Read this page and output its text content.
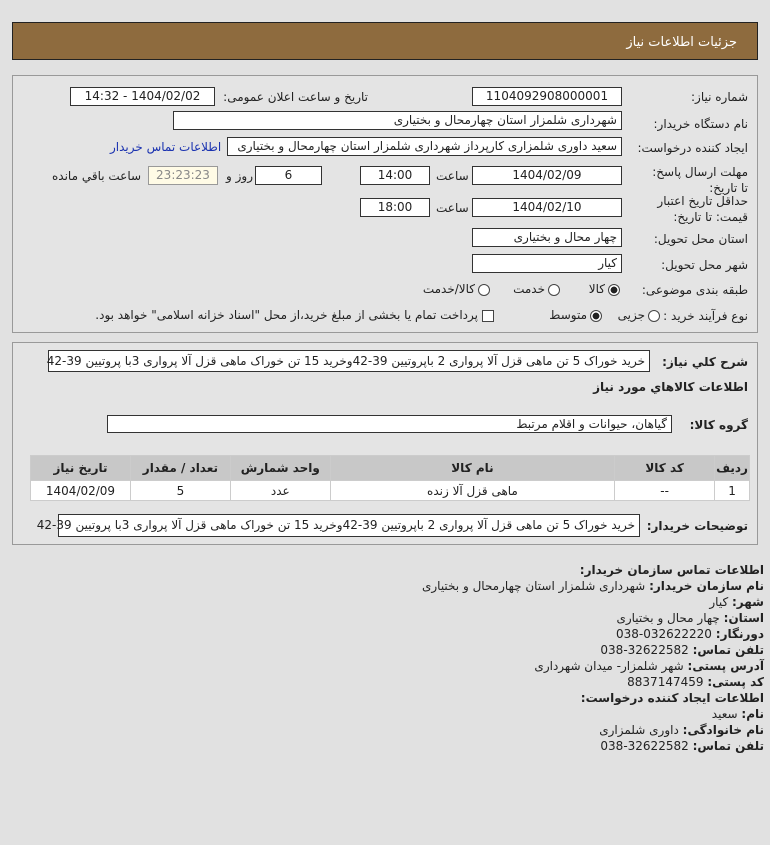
جزئیات اطلاعات نیاز
شماره نیاز:
1104092908000001
تاریخ و ساعت اعلان عمومی:
1404/02/02 - 14:32
نام دستگاه خریدار:
شهرداری شلمزار استان چهارمحال و بختیاری
ایجاد کننده درخواست:
سعید داوری شلمزاری کارپرداز شهرداری شلمزار استان چهارمحال و بختیاری
اطلاعات تماس خریدار
مهلت ارسال پاسخ: تا تاریخ:
1404/02/09
ساعت
14:00
6
روز و
23:23:23
ساعت باقي مانده
حداقل تاریخ اعتبار قیمت: تا تاریخ:
1404/02/10
ساعت
18:00
استان محل تحویل:
چهار محال و بختیاری
شهر محل تحویل:
کیار
طبقه بندی موضوعی:
کالا
خدمت
کالا/خدمت
نوع فرآیند خرید :
جزیی
متوسط
پرداخت تمام یا بخشی از مبلغ خرید،از محل "اسناد خزانه اسلامی" خواهد بود.
شرح کلي نیاز:
خرید خوراک 5 تن ماهی قزل آلا پرواری 2 باپروتیین 39-42وخرید 15 تن خوراک ماهی قزل آلا پرواری 3با پروتیین 39-42
اطلاعات کالاهاي مورد نياز
گروه کالا:
گیاهان، حیوانات و اقلام مرتبط
ردیف	کد کالا	نام کالا	واحد شمارش	تعداد / مقدار	تاریخ نیاز
1	--	ماهی قزل آلا زنده	عدد	5	1404/02/09
توضیحات خریدار:
خرید خوراک 5 تن ماهی قزل آلا پرواری 2 باپروتیین 39-42وخرید 15 تن خوراک ماهی قزل آلا پرواری 3با پروتیین 39-42
اطلاعات تماس سازمان خریدار:
نام سازمان خریدار: شهرداری شلمزار استان چهارمحال و بختیاری
شهر: کیار
استان: چهار محال و بختیاری
دورنگار: 032622220-038
تلفن تماس: 32622582-038
آدرس پستی: شهر شلمزار- میدان شهرداری
کد پستی: 8837147459
اطلاعات ایجاد کننده درخواست:
نام: سعید
نام خانوادگی: داوری شلمزاری
تلفن تماس: 32622582-038
